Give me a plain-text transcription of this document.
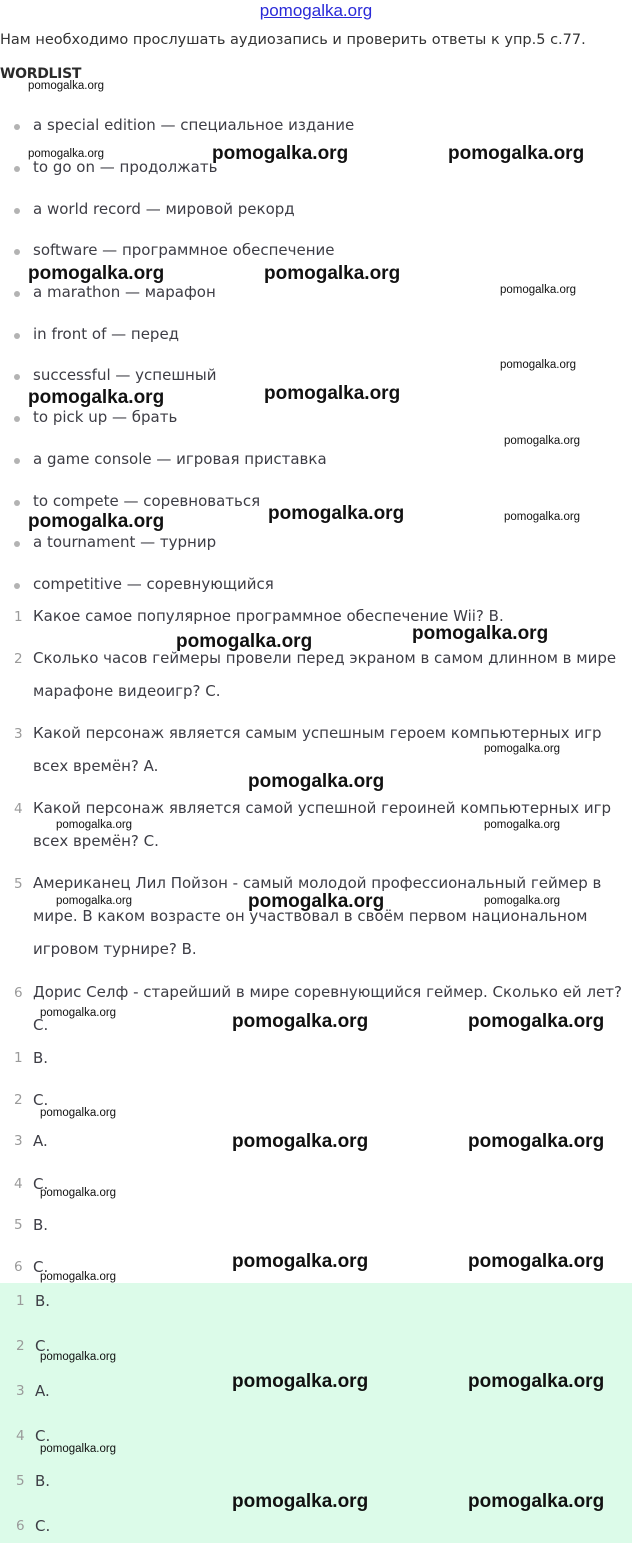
pomogalka.org
Нам необходимо прослушать аудиозапись и проверить ответы к упр.5 с.77.
WORDLIST
a special edition — специальное издание
to go on — продолжать
a world record — мировой рекорд
software — программное обеспечение
a marathon — марафон
in front of — перед
successful — успешный
to pick up — брать
a game console — игровая приставка
to compete — соревноваться
a tournament — турнир
competitive — соревнующийся
1 Какое самое популярное программное обеспечение Wii? B.
2 Сколько часов геймеры провели перед экраном в самом длинном в мире марафоне видеоигр? C.
3 Какой персонаж является самым успешным героем компьютерных игр всех времён? A.
4 Какой персонаж является самой успешной героиней компьютерных игр всех времён? C.
5 Американец Лил Пойзон - самый молодой профессиональный геймер в мире. В каком возрасте он участвовал в своём первом национальном игровом турнире? B.
6 Дорис Селф - старейший в мире соревнующийся геймер. Сколько ей лет? C.
1 B.
2 C.
3 A.
4 C.
5 B.
6 C.
1 B.
2 C.
3 A.
4 C.
5 B.
6 C.
pomogalka.org
pomogalka.org	pomogalka.org	pomogalka.org
pomogalka.org	pomogalka.org
pomogalka.org
pomogalka.org
pomogalka.org	pomogalka.org
pomogalka.org
pomogalka.org
pomogalka.org	pomogalka.org
pomogalka.org	pomogalka.org
pomogalka.org
pomogalka.org
pomogalka.org	pomogalka.org
pomogalka.org	pomogalka.org	pomogalka.org
pomogalka.org	pomogalka.org	pomogalka.org
pomogalka.org
pomogalka.org	pomogalka.org
pomogalka.org
pomogalka.org	pomogalka.org
pomogalka.org
pomogalka.org
pomogalka.org	pomogalka.org
pomogalka.org
pomogalka.org	pomogalka.org
